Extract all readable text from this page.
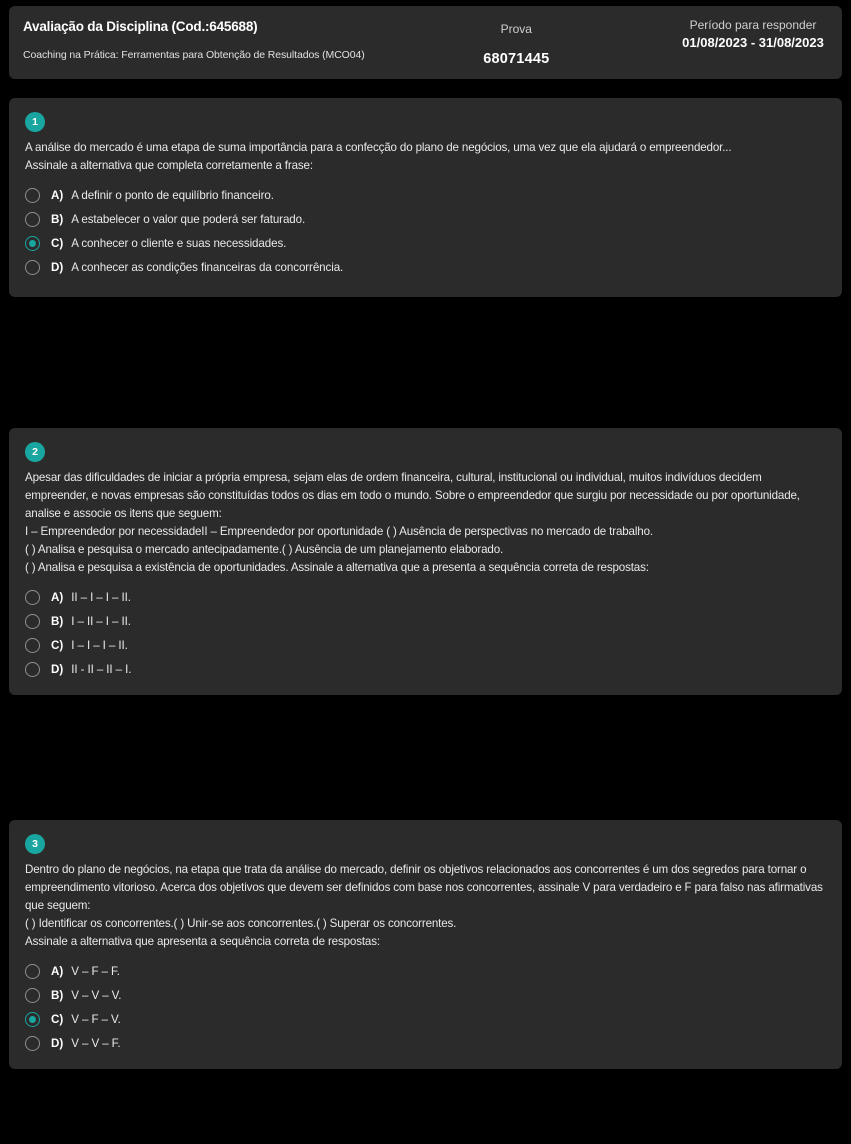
Avaliação da Disciplina (Cod.:645688)
Coaching na Prática: Ferramentas para Obtenção de Resultados (MCO04)
Prova
68071445
Período para responder
01/08/2023 - 31/08/2023
1

A análise do mercado é uma etapa de suma importância para a confecção do plano de negócios, uma vez que ela ajudará o empreendedor...

Assinale a alternativa que completa corretamente a frase:

A) A definir o ponto de equilíbrio financeiro.
B) A estabelecer o valor que poderá ser faturado.
C) A conhecer o cliente e suas necessidades.
D) A conhecer as condições financeiras da concorrência.
2

Apesar das dificuldades de iniciar a própria empresa, sejam elas de ordem financeira, cultural, institucional ou individual, muitos indivíduos decidem empreender, e novas empresas são constituídas todos os dias em todo o mundo. Sobre o empreendedor que surgiu por necessidade ou por oportunidade, analise e associe os itens que seguem:

I – Empreendedor por necessidadeII – Empreendedor por oportunidade ( ) Ausência de perspectivas no mercado de trabalho.

( ) Analisa e pesquisa o mercado antecipadamente.( ) Ausência de um planejamento elaborado.

( ) Analisa e pesquisa a existência de oportunidades. Assinale a alternativa que a presenta a sequência correta de respostas:

A) II – I – I – II.
B) I – II – I – II.
C) I – I – I – II.
D) II - II – II – I.
3

Dentro do plano de negócios, na etapa que trata da análise do mercado, definir os objetivos relacionados aos concorrentes é um dos segredos para tornar o empreendimento vitorioso. Acerca dos objetivos que devem ser definidos com base nos concorrentes, assinale V para verdadeiro e F para falso nas afirmativas que seguem:

( ) Identificar os concorrentes.( ) Unir-se aos concorrentes.( ) Superar os concorrentes.

Assinale a alternativa que apresenta a sequência correta de respostas:

A) V – F – F.
B) V – V – V.
C) V – F – V.
D) V – V – F.
